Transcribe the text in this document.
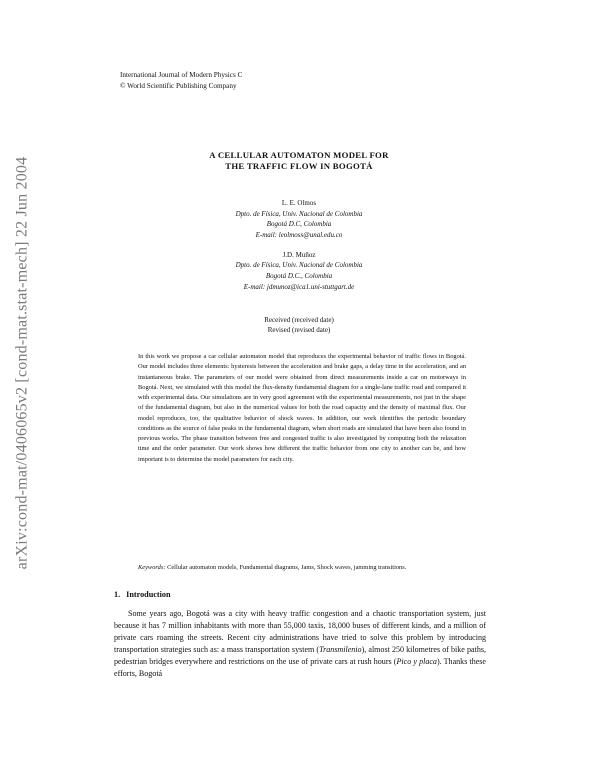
arXiv:cond-mat/0406065v2 [cond-mat.stat-mech] 22 Jun 2004
International Journal of Modern Physics C
© World Scientific Publishing Company
A CELLULAR AUTOMATON MODEL FOR
THE TRAFFIC FLOW IN BOGOTÁ
L. E. Olmos
Dpto. de Física, Univ. Nacional de Colombia
Bogotá D.C, Colombia
E-mail: leolmoss@unal.edu.co
J.D. Muñoz
Dpto. de Física, Univ. Nacional de Colombia
Bogotá D.C., Colombia
E-mail: jdmunoz@ica1.uni-stuttgart.de
Received (received date)
Revised (revised date)
In this work we propose a car cellular automaton model that reproduces the experimental behavior of traffic flows in Bogotá. Our model includes three elements: hysteresis between the acceleration and brake gaps, a delay time in the acceleration, and an instantaneous brake. The parameters of our model were obtained from direct measurements inside a car on motorways in Bogotá. Next, we simulated with this model the flux-density fundamental diagram for a single-lane traffic road and compared it with experimental data. Our simulations are in very good agreement with the experimental measurements, not just in the shape of the fundamental diagram, but also in the numerical values for both the road capacity and the density of maximal flux. Our model reproduces, too, the qualitative behavior of shock waves. In addition, our work identifies the periodic boundary conditions as the source of false peaks in the fundamental diagram, when short roads are simulated that have been also found in previous works. The phase transition between free and congested traffic is also investigated by computing both the relaxation time and the order parameter. Our work shows how different the traffic behavior from one city to another can be, and how important is to determine the model parameters for each city.
Keywords: Cellular automaton models, Fundamental diagrams, Jams, Shock waves, jamming transitions.
1. Introduction
Some years ago, Bogotá was a city with heavy traffic congestion and a chaotic transportation system, just because it has 7 million inhabitants with more than 55,000 taxis, 18,000 buses of different kinds, and a million of private cars roaming the streets. Recent city administrations have tried to solve this problem by introducing transportation strategies such as: a mass transportation system (Transmilenio), almost 250 kilometres of bike paths, pedestrian bridges everywhere and restrictions on the use of private cars at rush hours (Pico y placa). Thanks these efforts, Bogotá
